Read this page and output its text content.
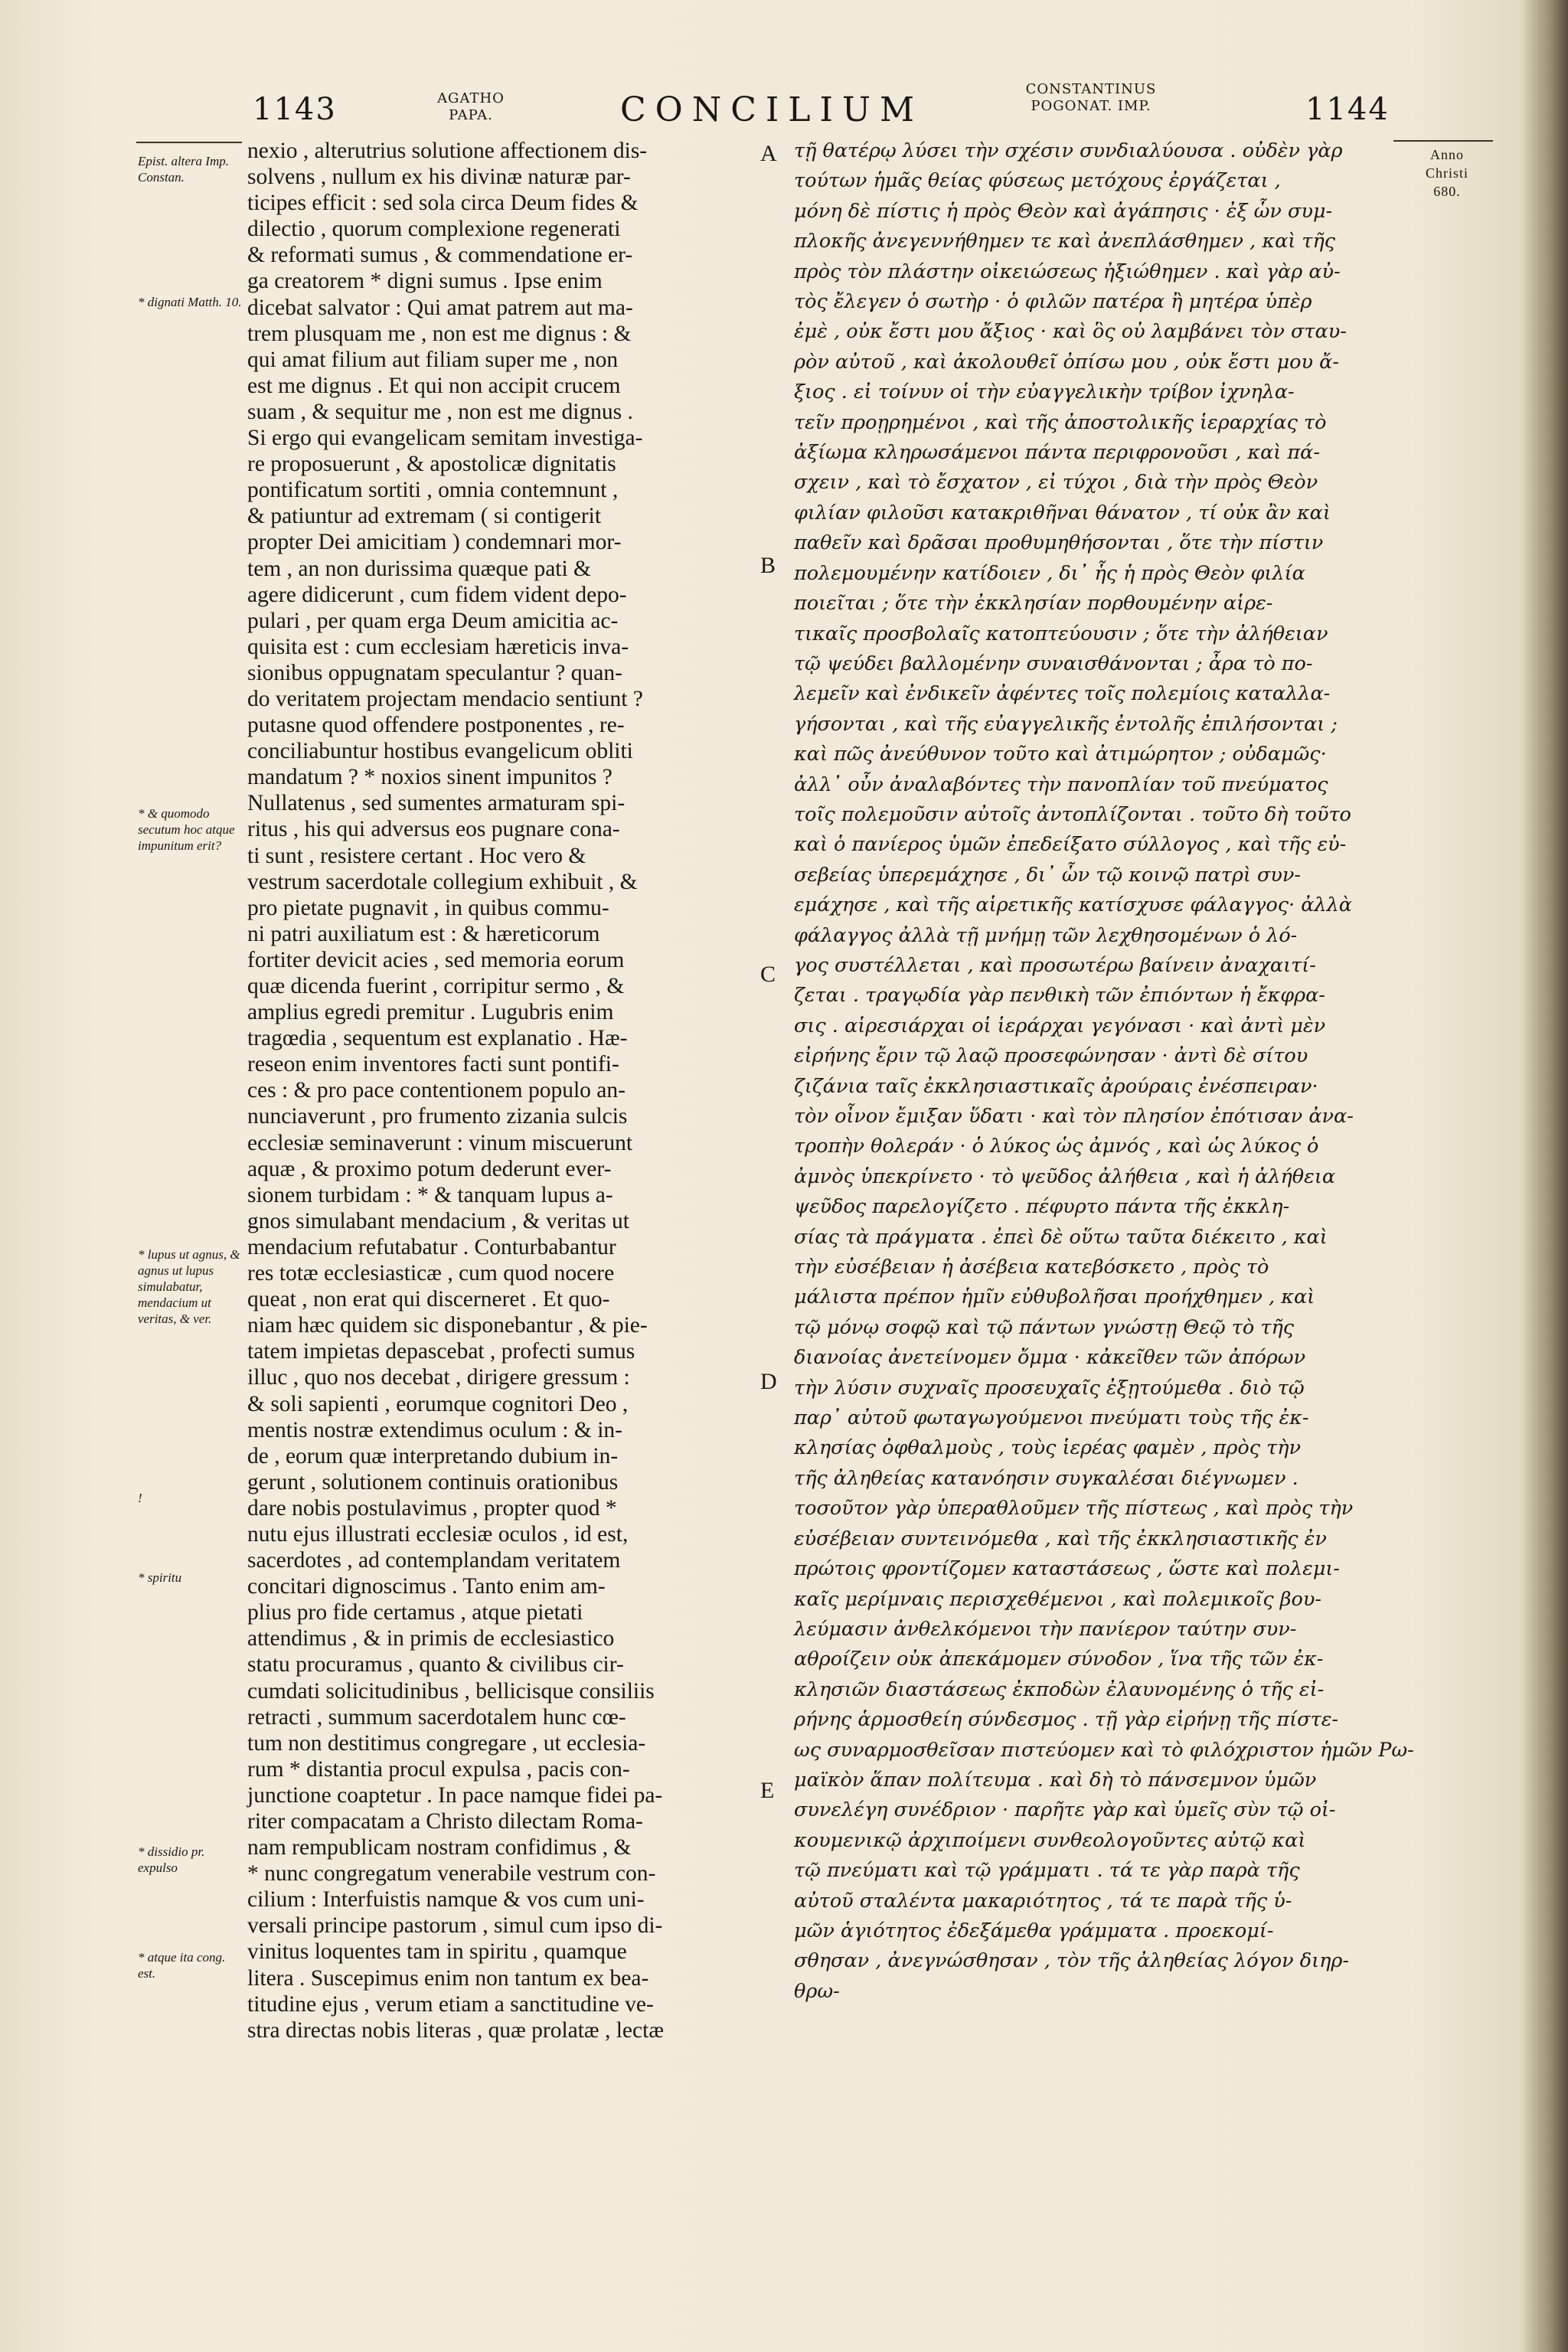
1143	AGATHO
PAPA.	CONCILIUM
CONSTANTINUS
POGONAT. IMP.	1144
Anno
Christi
680.
Epist. altera Imp. Constan.
* dignati Matth. 10.
* & quomodo secutum hoc atque impunitum erit?
* lupus ut agnus, & agnus ut lupus simulabatur, mendacium ut veritas, & ver.
!
* spiritu
* dissidio pr. expulso
* atque ita cong. est.
A
B
C
D
E
nexio , alterutrius solutione affectionem dis-
solvens , nullum ex his divinæ naturæ par-
ticipes efficit : sed sola circa Deum fides &
dilectio , quorum complexione regenerati
& reformati sumus , & commendatione er-
ga creatorem * digni sumus . Ipse enim
dicebat salvator : Qui amat patrem aut ma-
trem plusquam me , non est me dignus : &
qui amat filium aut filiam super me , non
est me dignus . Et qui non accipit crucem
suam , & sequitur me , non est me dignus .
Si ergo qui evangelicam semitam investiga-
re proposuerunt , & apostolicæ dignitatis
pontificatum sortiti , omnia contemnunt ,
& patiuntur ad extremam ( si contigerit
propter Dei amicitiam ) condemnari mor-
tem , an non durissima quæque pati &
agere didicerunt , cum fidem vident depo-
pulari , per quam erga Deum amicitia ac-
quisita est : cum ecclesiam hæreticis inva-
sionibus oppugnatam speculantur ? quan-
do veritatem projectam mendacio sentiunt ?
putasne quod offendere postponentes , re-
conciliabuntur hostibus evangelicum obliti
mandatum ? * noxios sinent impunitos ?
Nullatenus , sed sumentes armaturam spi-
ritus , his qui adversus eos pugnare cona-
ti sunt , resistere certant . Hoc vero &
vestrum sacerdotale collegium exhibuit , &
pro pietate pugnavit , in quibus commu-
ni patri auxiliatum est : & hæreticorum
fortiter devicit acies , sed memoria eorum
quæ dicenda fuerint , corripitur sermo , &
amplius egredi premitur . Lugubris enim
tragœdia , sequentum est explanatio . Hæ-
reseon enim inventores facti sunt pontifi-
ces : & pro pace contentionem populo an-
nunciaverunt , pro frumento zizania sulcis
ecclesiæ seminaverunt : vinum miscuerunt
aquæ , & proximo potum dederunt ever-
sionem turbidam : * & tanquam lupus a-
gnos simulabant mendacium , & veritas ut
mendacium refutabatur . Conturbabantur
res totæ ecclesiasticæ , cum quod nocere
queat , non erat qui discerneret . Et quo-
niam hæc quidem sic disponebantur , & pie-
tatem impietas depascebat , profecti sumus
illuc , quo nos decebat , dirigere gressum :
& soli sapienti , eorumque cognitori Deo ,
mentis nostræ extendimus oculum : & in-
de , eorum quæ interpretando dubium in-
gerunt , solutionem continuis orationibus
dare nobis postulavimus , propter quod *
nutu ejus illustrati ecclesiæ oculos , id est,
sacerdotes , ad contemplandam veritatem
concitari dignoscimus . Tanto enim am-
plius pro fide certamus , atque pietati
attendimus , & in primis de ecclesiastico
statu procuramus , quanto & civilibus cir-
cumdati solicitudinibus , bellicisque consiliis
retracti , summum sacerdotalem hunc cœ-
tum non destitimus congregare , ut ecclesia-
rum * distantia procul expulsa , pacis con-
junctione coaptetur . In pace namque fidei pa-
riter compacatam a Christo dilectam Roma-
nam rempublicam nostram confidimus , &
* nunc congregatum venerabile vestrum con-
cilium : Interfuistis namque & vos cum uni-
versali principe pastorum , simul cum ipso di-
vinitus loquentes tam in spiritu , quamque
litera . Suscepimus enim non tantum ex bea-
titudine ejus , verum etiam a sanctitudine ve-
stra directas nobis literas , quæ prolatæ , lectæ
τῇ θατέρῳ λύσει τὴν σχέσιν συνδιαλύουσα . οὐδὲν γὰρ
τούτων ἡμᾶς θείας φύσεως μετόχους ἐργάζεται ,
μόνη δὲ πίστις ἡ πρὸς Θεὸν καὶ ἀγάπησις · ἐξ ὧν συμ-
πλοκῆς ἀνεγεννήθημεν τε καὶ ἀνεπλάσθημεν , καὶ τῆς
πρὸς τὸν πλάστην οἰκειώσεως ἠξιώθημεν . καὶ γὰρ αὐ-
τὸς ἔλεγεν ὁ σωτὴρ · ὁ φιλῶν πατέρα ἢ μητέρα ὑπὲρ
ἐμὲ , οὐκ ἔστι μου ἄξιος · καὶ ὃς οὐ λαμβάνει τὸν σταυ-
ρὸν αὐτοῦ , καὶ ἀκολουθεῖ ὀπίσω μου , οὐκ ἔστι μου ἄ-
ξιος . εἰ τοίνυν οἱ τὴν εὐαγγελικὴν τρίβον ἰχνηλα-
τεῖν προῃρημένοι , καὶ τῆς ἀποστολικῆς ἱεραρχίας τὸ
ἀξίωμα κληρωσάμενοι πάντα περιφρονοῦσι , καὶ πά-
σχειν , καὶ τὸ ἔσχατον , εἰ τύχοι , διὰ τὴν πρὸς Θεὸν
φιλίαν φιλοῦσι κατακριθῆναι θάνατον , τί οὐκ ἂν καὶ
παθεῖν καὶ δρᾶσαι προθυμηθήσονται , ὅτε τὴν πίστιν
πολεμουμένην κατίδοιεν , δι᾽ ἧς ἡ πρὸς Θεὸν φιλία
ποιεῖται ; ὅτε τὴν ἐκκλησίαν πορθουμένην αἱρε-
τικαῖς προσβολαῖς κατοπτεύουσιν ; ὅτε τὴν ἀλήθειαν
τῷ ψεύδει βαλλομένην συναισθάνονται ; ἆρα τὸ πο-
λεμεῖν καὶ ἐνδικεῖν ἀφέντες τοῖς πολεμίοις καταλλα-
γήσονται , καὶ τῆς εὐαγγελικῆς ἐντολῆς ἐπιλήσονται ;
καὶ πῶς ἀνεύθυνον τοῦτο καὶ ἀτιμώρητον ; οὐδαμῶς·
ἀλλ᾽ οὖν ἀναλαβόντες τὴν πανοπλίαν τοῦ πνεύματος
τοῖς πολεμοῦσιν αὐτοῖς ἀντοπλίζονται . τοῦτο δὴ τοῦτο
καὶ ὁ πανίερος ὑμῶν ἐπεδείξατο σύλλογος , καὶ τῆς εὐ-
σεβείας ὑπερεμάχησε , δι᾽ ὧν τῷ κοινῷ πατρὶ συν-
εμάχησε , καὶ τῆς αἱρετικῆς κατίσχυσε φάλαγγος· ἀλλὰ
φάλαγγος ἀλλὰ τῇ μνήμῃ τῶν λεχθησομένων ὁ λό-
γος συστέλλεται , καὶ προσωτέρω βαίνειν ἀναχαιτί-
ζεται . τραγῳδία γὰρ πενθικὴ τῶν ἐπιόντων ἡ ἔκφρα-
σις . αἱρεσιάρχαι οἱ ἱεράρχαι γεγόνασι · καὶ ἀντὶ μὲν
εἰρήνης ἔριν τῷ λαῷ προσεφώνησαν · ἀντὶ δὲ σίτου
ζιζάνια ταῖς ἐκκλησιαστικαῖς ἀρούραις ἐνέσπειραν·
τὸν οἶνον ἔμιξαν ὕδατι · καὶ τὸν πλησίον ἐπότισαν ἀνα-
τροπὴν θολεράν · ὁ λύκος ὡς ἀμνός , καὶ ὡς λύκος ὁ
ἀμνὸς ὑπεκρίνετο · τὸ ψεῦδος ἀλήθεια , καὶ ἡ ἀλήθεια
ψεῦδος παρελογίζετο . πέφυρτο πάντα τῆς ἐκκλη-
σίας τὰ πράγματα . ἐπεὶ δὲ οὕτω ταῦτα διέκειτο , καὶ
τὴν εὐσέβειαν ἡ ἀσέβεια κατεβόσκετο , πρὸς τὸ
μάλιστα πρέπον ἡμῖν εὐθυβολῆσαι προήχθημεν , καὶ
τῷ μόνῳ σοφῷ καὶ τῷ πάντων γνώστῃ Θεῷ τὸ τῆς
διανοίας ἀνετείνομεν ὄμμα · κἀκεῖθεν τῶν ἀπόρων
τὴν λύσιν συχναῖς προσευχαῖς ἐξῃτούμεθα . διὸ τῷ
παρ᾽ αὐτοῦ φωταγωγούμενοι πνεύματι τοὺς τῆς ἐκ-
κλησίας ὀφθαλμοὺς , τοὺς ἱερέας φαμὲν , πρὸς τὴν
τῆς ἀληθείας κατανόησιν συγκαλέσαι διέγνωμεν .
τοσοῦτον γὰρ ὑπεραθλοῦμεν τῆς πίστεως , καὶ πρὸς τὴν
εὐσέβειαν συντεινόμεθα , καὶ τῆς ἐκκλησιαστικῆς ἐν
πρώτοις φροντίζομεν καταστάσεως , ὥστε καὶ πολεμι-
καῖς μερίμναις περισχεθέμενοι , καὶ πολεμικοῖς βου-
λεύμασιν ἀνθελκόμενοι τὴν πανίερον ταύτην συν-
αθροίζειν οὐκ ἀπεκάμομεν σύνοδον , ἵνα τῆς τῶν ἐκ-
κλησιῶν διαστάσεως ἐκποδὼν ἐλαυνομένης ὁ τῆς εἰ-
ρήνης ἁρμοσθείη σύνδεσμος . τῇ γὰρ εἰρήνῃ τῆς πίστε-
ως συναρμοσθεῖσαν πιστεύομεν καὶ τὸ φιλόχριστον ἡμῶν Ρω-
μαϊκὸν ἅπαν πολίτευμα . καὶ δὴ τὸ πάνσεμνον ὑμῶν
συνελέγη συνέδριον · παρῆτε γὰρ καὶ ὑμεῖς σὺν τῷ οἰ-
κουμενικῷ ἀρχιποίμενι συνθεολογοῦντες αὐτῷ καὶ
τῷ πνεύματι καὶ τῷ γράμματι . τά τε γὰρ παρὰ τῆς
αὐτοῦ σταλέντα μακαριότητος , τά τε παρὰ τῆς ὑ-
μῶν ἁγιότητος ἐδεξάμεθα γράμματα . προεκομί-
σθησαν , ἀνεγνώσθησαν , τὸν τῆς ἀληθείας λόγον διηρ-
θρω-
